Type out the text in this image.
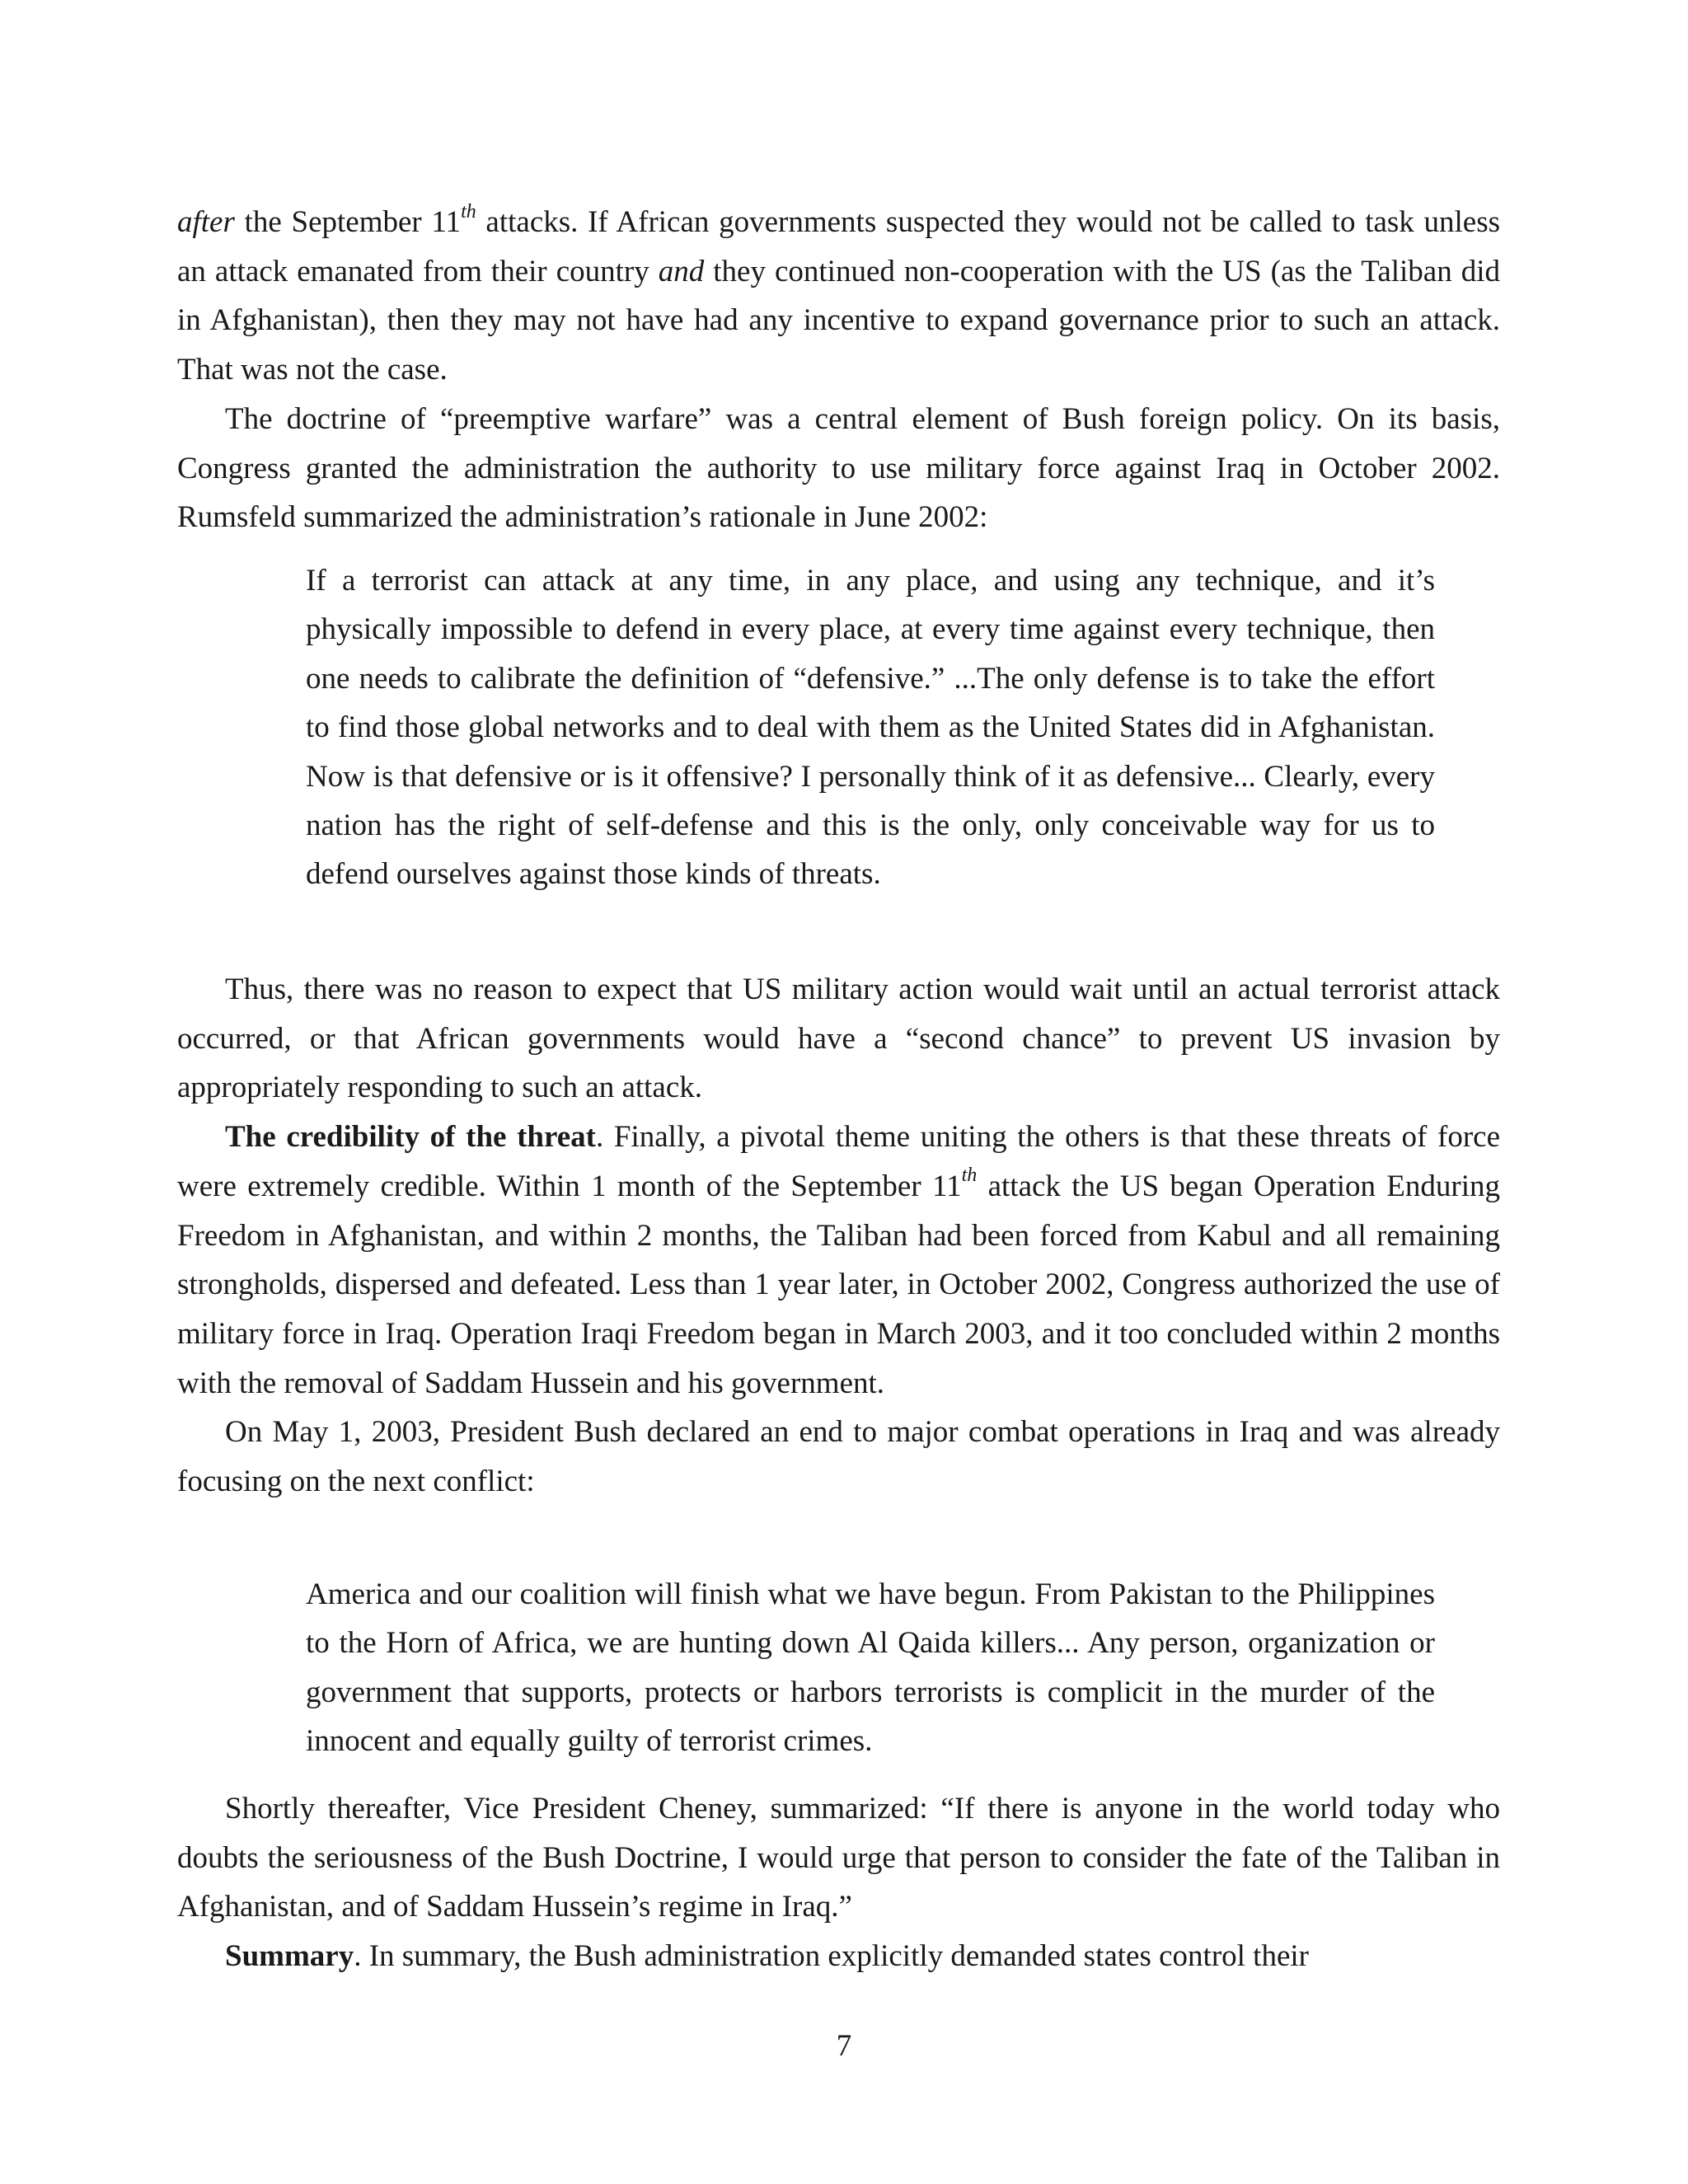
after the September 11th attacks. If African governments suspected they would not be called to task unless an attack emanated from their country and they continued non-cooperation with the US (as the Taliban did in Afghanistan), then they may not have had any incentive to expand governance prior to such an attack. That was not the case.

The doctrine of “preemptive warfare” was a central element of Bush foreign policy. On its basis, Congress granted the administration the authority to use military force against Iraq in October 2002. Rumsfeld summarized the administration’s rationale in June 2002:

If a terrorist can attack at any time, in any place, and using any technique, and it’s physically impossible to defend in every place, at every time against every technique, then one needs to calibrate the definition of “defensive.” ...The only defense is to take the effort to find those global networks and to deal with them as the United States did in Afghanistan. Now is that defensive or is it offensive? I personally think of it as defensive... Clearly, every nation has the right of self-defense and this is the only, only conceivable way for us to defend ourselves against those kinds of threats.

Thus, there was no reason to expect that US military action would wait until an actual terrorist attack occurred, or that African governments would have a “second chance” to prevent US invasion by appropriately responding to such an attack.

The credibility of the threat. Finally, a pivotal theme uniting the others is that these threats of force were extremely credible. Within 1 month of the September 11th attack the US began Operation Enduring Freedom in Afghanistan, and within 2 months, the Taliban had been forced from Kabul and all remaining strongholds, dispersed and defeated. Less than 1 year later, in October 2002, Congress authorized the use of military force in Iraq. Operation Iraqi Freedom began in March 2003, and it too concluded within 2 months with the removal of Saddam Hussein and his government.

On May 1, 2003, President Bush declared an end to major combat operations in Iraq and was already focusing on the next conflict:

America and our coalition will finish what we have begun. From Pakistan to the Philippines to the Horn of Africa, we are hunting down Al Qaida killers... Any person, organization or government that supports, protects or harbors terrorists is complicit in the murder of the innocent and equally guilty of terrorist crimes.

Shortly thereafter, Vice President Cheney, summarized: “If there is anyone in the world today who doubts the seriousness of the Bush Doctrine, I would urge that person to consider the fate of the Taliban in Afghanistan, and of Saddam Hussein’s regime in Iraq.”

Summary. In summary, the Bush administration explicitly demanded states control their

7
